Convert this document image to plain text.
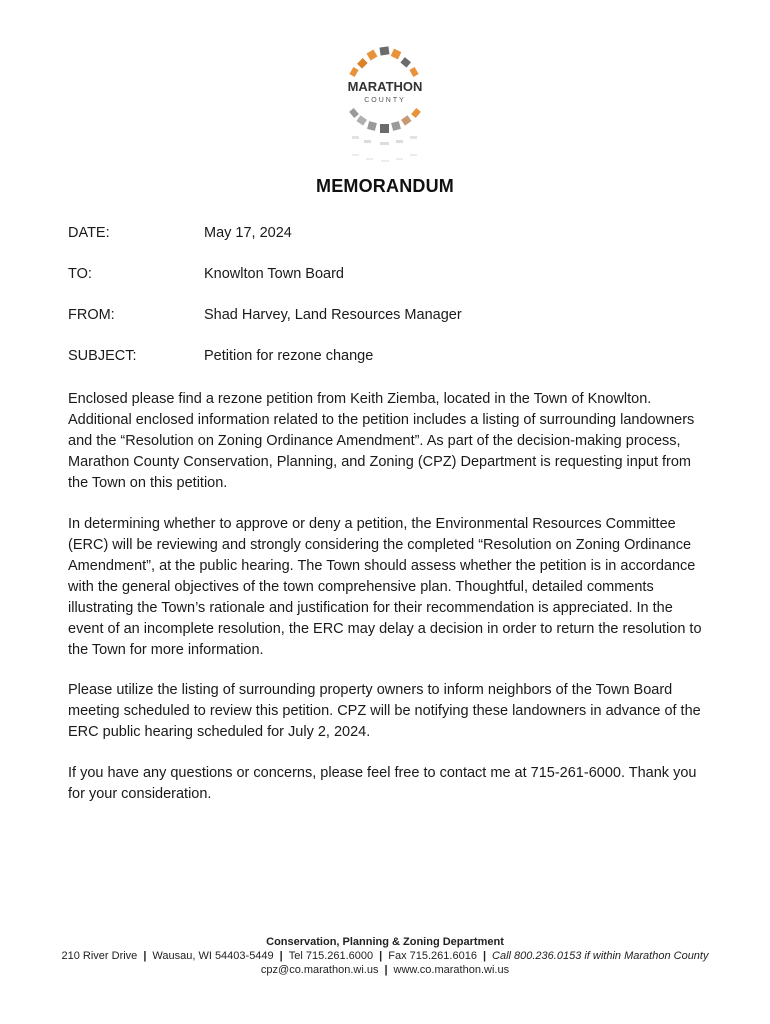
MARATHON
COUNTY
MEMORANDUM
DATE:	May 17, 2024
TO:	Knowlton Town Board
FROM:	Shad Harvey, Land Resources Manager
SUBJECT:	Petition for rezone change

Enclosed please find a rezone petition from Keith Ziemba, located in the Town of Knowlton. Additional enclosed information related to the petition includes a listing of surrounding landowners and the “Resolution on Zoning Ordinance Amendment”. As part of the decision-making process, Marathon County Conservation, Planning, and Zoning (CPZ) Department is requesting input from the Town on this petition.

In determining whether to approve or deny a petition, the Environmental Resources Committee (ERC) will be reviewing and strongly considering the completed “Resolution on Zoning Ordinance Amendment”, at the public hearing. The Town should assess whether the petition is in accordance with the general objectives of the town comprehensive plan. Thoughtful, detailed comments illustrating the Town’s rationale and justification for their recommendation is appreciated. In the event of an incomplete resolution, the ERC may delay a decision in order to return the resolution to the Town for more information.

Please utilize the listing of surrounding property owners to inform neighbors of the Town Board meeting scheduled to review this petition. CPZ will be notifying these landowners in advance of the ERC public hearing scheduled for July 2, 2024.

If you have any questions or concerns, please feel free to contact me at 715-261-6000. Thank you for your consideration.

Conservation, Planning & Zoning Department
210 River Drive | Wausau, WI 54403-5449 | Tel 715.261.6000 | Fax 715.261.6016 | Call 800.236.0153 if within Marathon County
cpz@co.marathon.wi.us | www.co.marathon.wi.us
